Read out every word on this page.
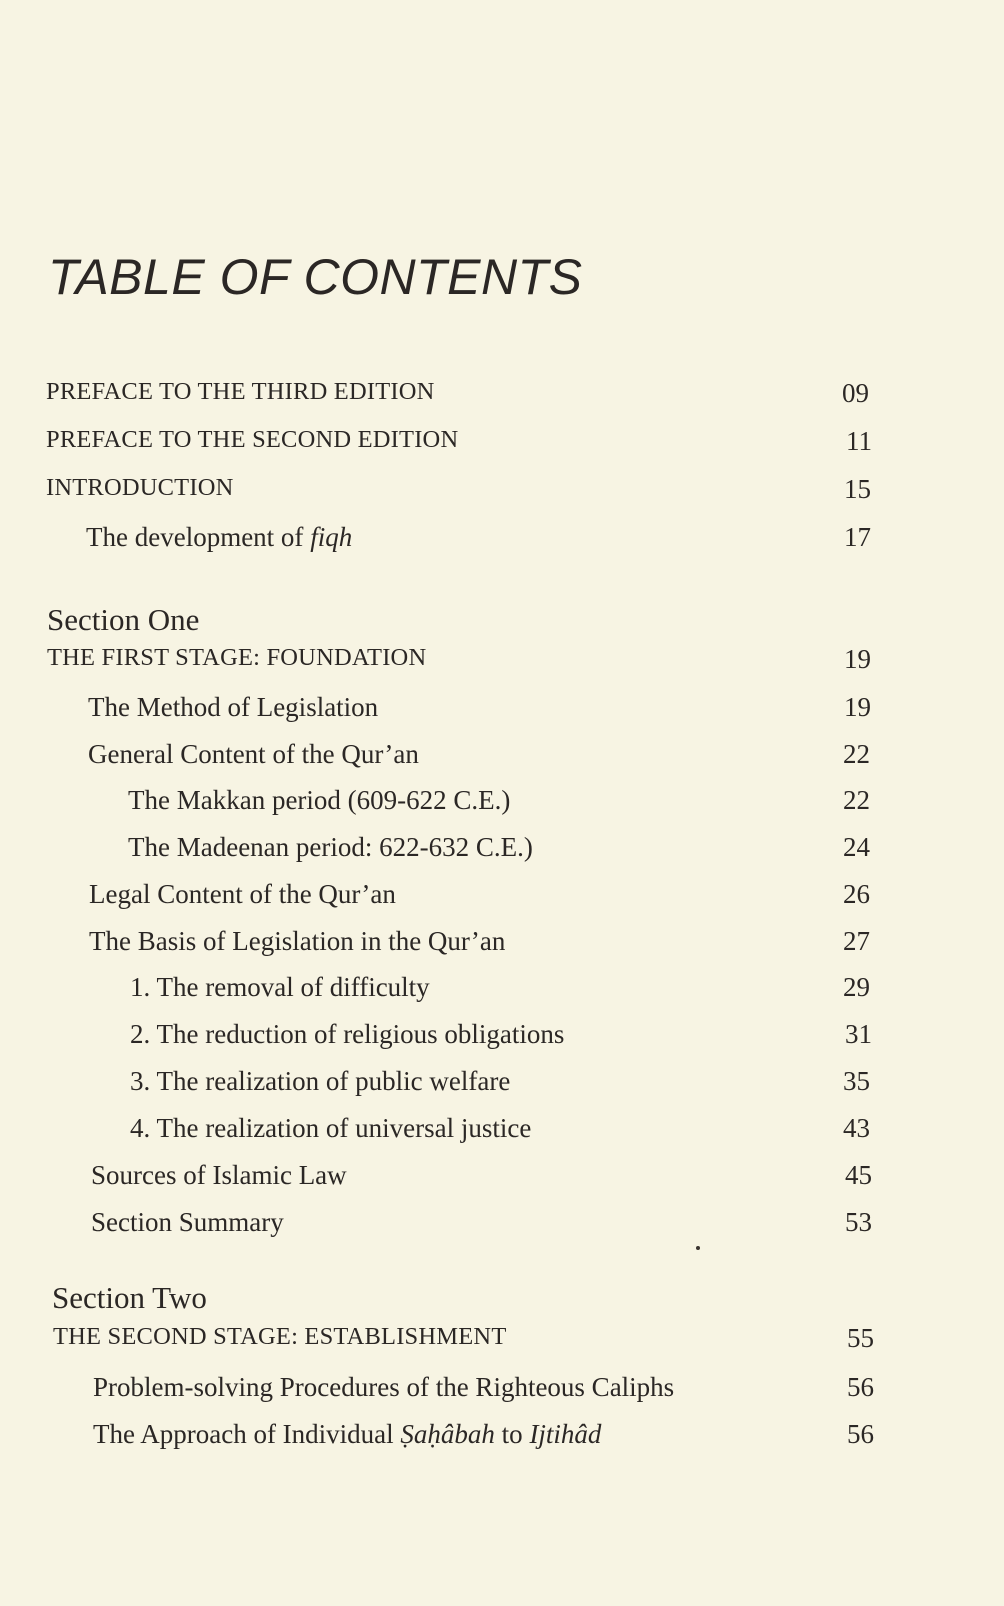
TABLE OF CONTENTS
PREFACE TO THE THIRD EDITION	09
PREFACE TO THE SECOND EDITION	11
INTRODUCTION	15
The development of fiqh	17
Section One
THE FIRST STAGE: FOUNDATION	19
The Method of Legislation	19
General Content of the Qur’an	22
The Makkan period (609-622 C.E.)	22
The Madeenan period: 622-632 C.E.)	24
Legal Content of the Qur’an	26
The Basis of Legislation in the Qur’an	27
1. The removal of difficulty	29
2. The reduction of religious obligations	31
3. The realization of public welfare	35
4. The realization of universal justice	43
Sources of Islamic Law	45
Section Summary	53
Section Two
THE SECOND STAGE: ESTABLISHMENT	55
Problem-solving Procedures of the Righteous Caliphs	56
The Approach of Individual Ṣaḥâbah to Ijtihâd	56
